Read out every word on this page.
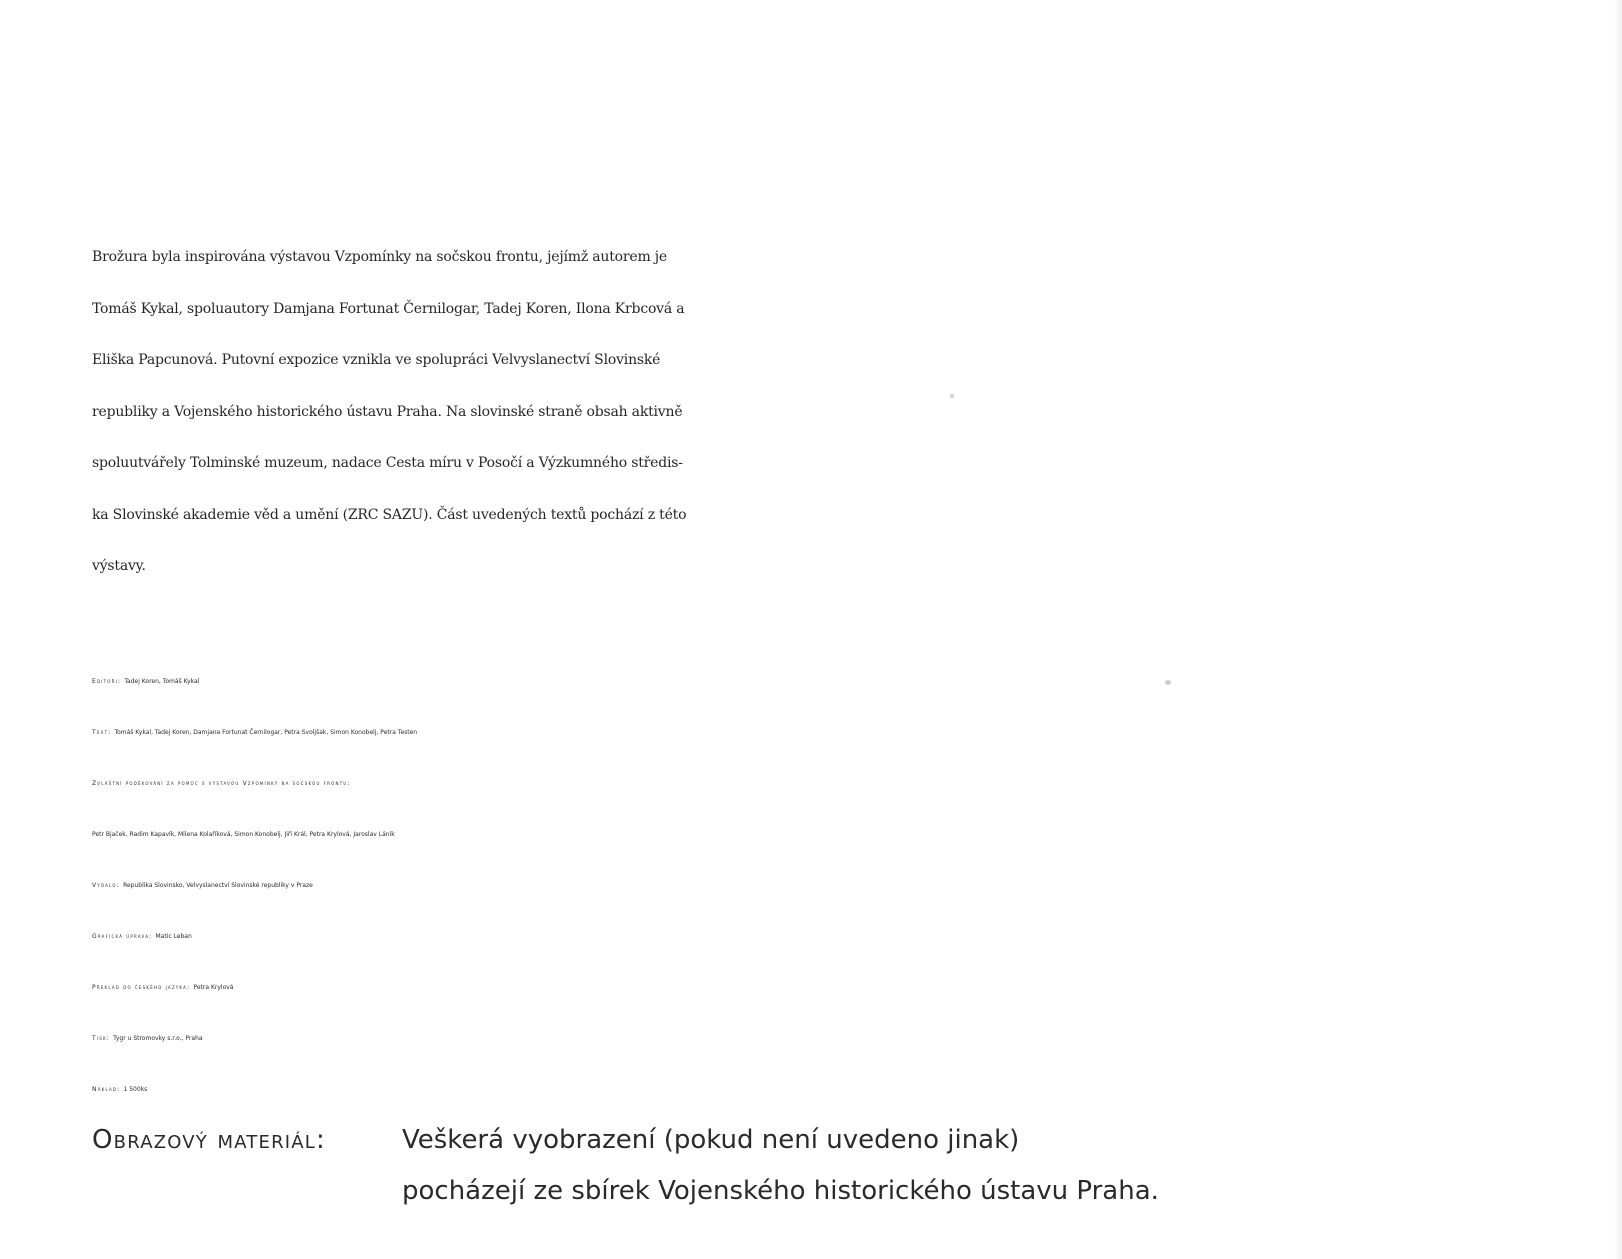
Brožura byla inspirována výstavou Vzpomínky na sočskou frontu, jejímž autorem je
Tomáš Kykal, spoluautory Damjana Fortunat Černilogar, Tadej Koren, Ilona Krbcová a
Eliška Papcunová. Putovní expozice vznikla ve spolupráci Velvyslanectví Slovinské
republiky a Vojenského historického ústavu Praha. Na slovinské straně obsah aktivně
spoluutvářely Tolminské muzeum, nadace Cesta míru v Posočí a Výzkumného středis-
ka Slovinské akademie věd a umění (ZRC SAZU). Část uvedených textů pochází z této
výstavy.

Editoři: Tadej Koren, Tomáš Kykal
Text: Tomáš Kykal, Tadej Koren, Damjana Fortunat Černilogar, Petra Svoljšak, Simon Konobelj, Petra Testen
Zvláštní poděkování za pomoc s výstavou Vzpomínky na sočskou frontu:
Petr Bjaček, Radim Kapavík, Milena Kolaříková, Simon Konobelj, Jiří Král, Petra Krylová, Jaroslav Láník
Vydalo: Republika Slovinsko, Velvyslanectví Slovinské republiky v Praze
Grafická úprava: Matic Leban
Překlad do českého jazyka: Petra Krylová
Tisk: Tygr u Stromovky s.r.o., Praha
Náklad: 1 500ks
Obrazový materiál:	Veškerá vyobrazení (pokud není uvedeno jinak)
pocházejí ze sbírek Vojenského historického ústavu Praha.
